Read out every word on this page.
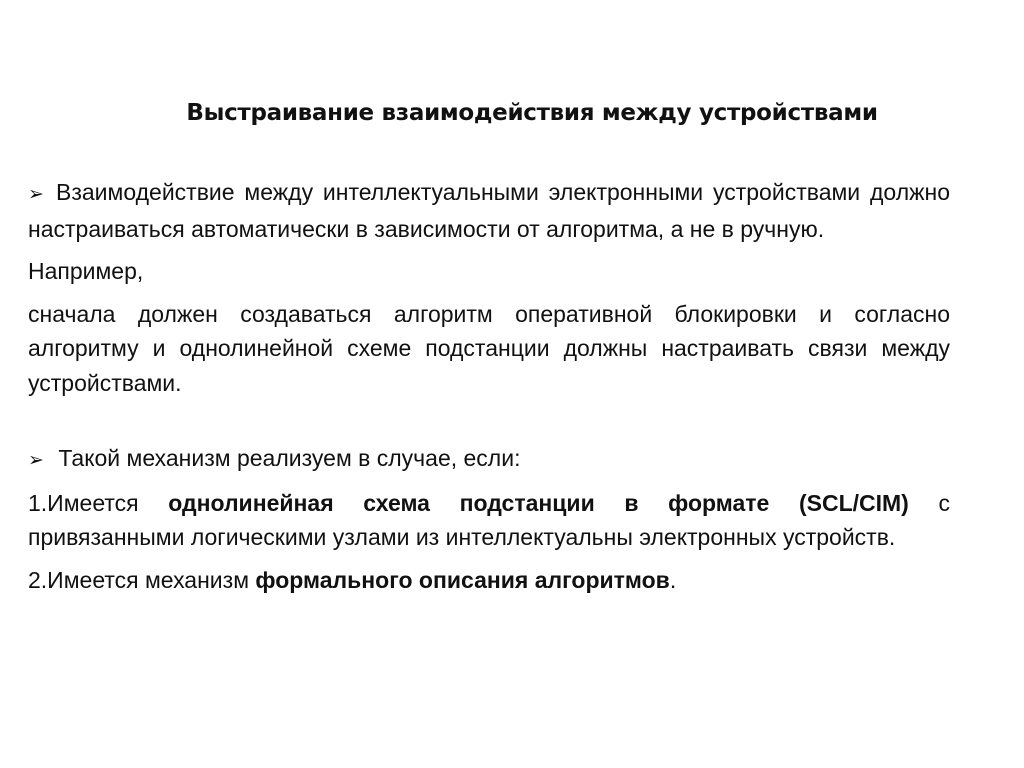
Выстраивание взаимодействия между устройствами

➢ Взаимодействие между интеллектуальными электронными устройствами должно настраиваться автоматически в зависимости от алгоритма, а не в ручную.

Например,

сначала должен создаваться алгоритм оперативной блокировки и согласно алгоритму и однолинейной схеме подстанции должны настраивать связи между устройствами.

➢ Такой механизм реализуем в случае, если:

1.Имеется однолинейная схема подстанции в формате (SCL/CIM) с привязанными логическими узлами из интеллектуальны электронных устройств.

2.Имеется механизм формального описания алгоритмов.
